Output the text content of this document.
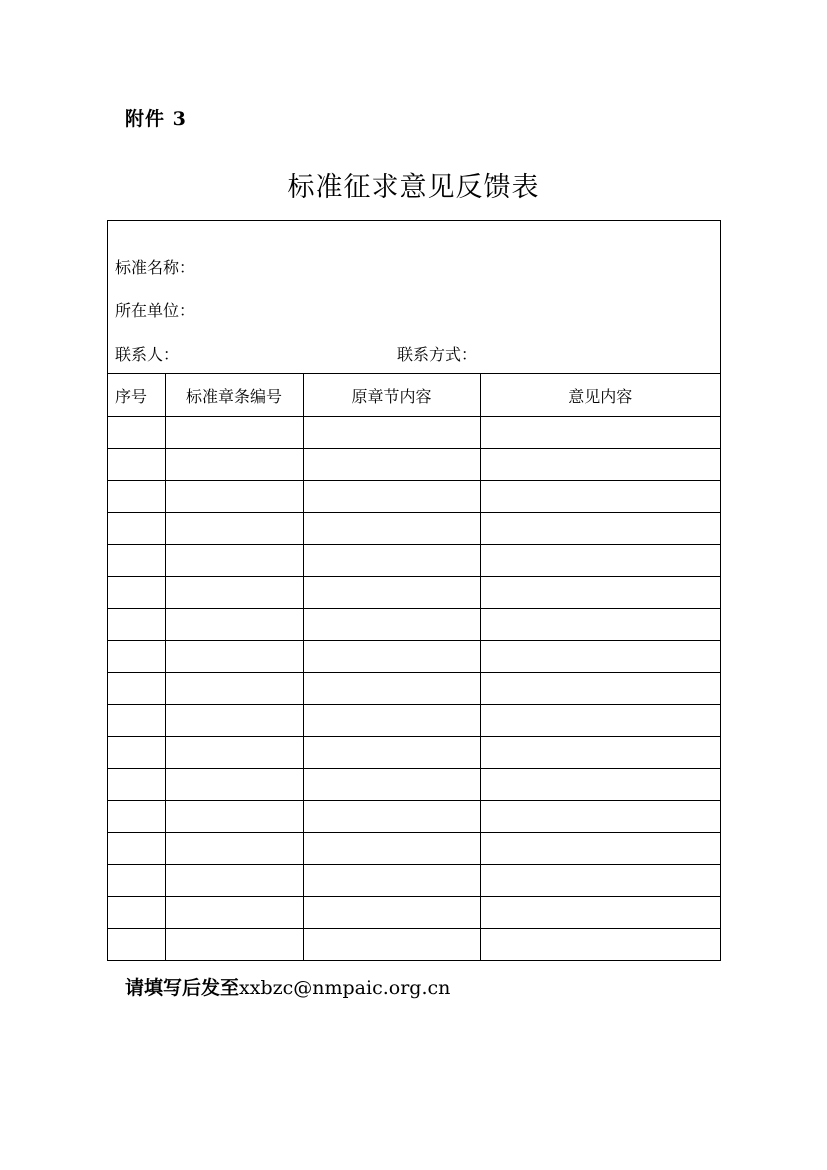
附件 3
标准征求意见反馈表
标准名称：
所在单位：
联系人：	联系方式：
序号	标准章条编号	原章节内容	意见内容

请填写后发至xxbzc@nmpaic.org.cn
